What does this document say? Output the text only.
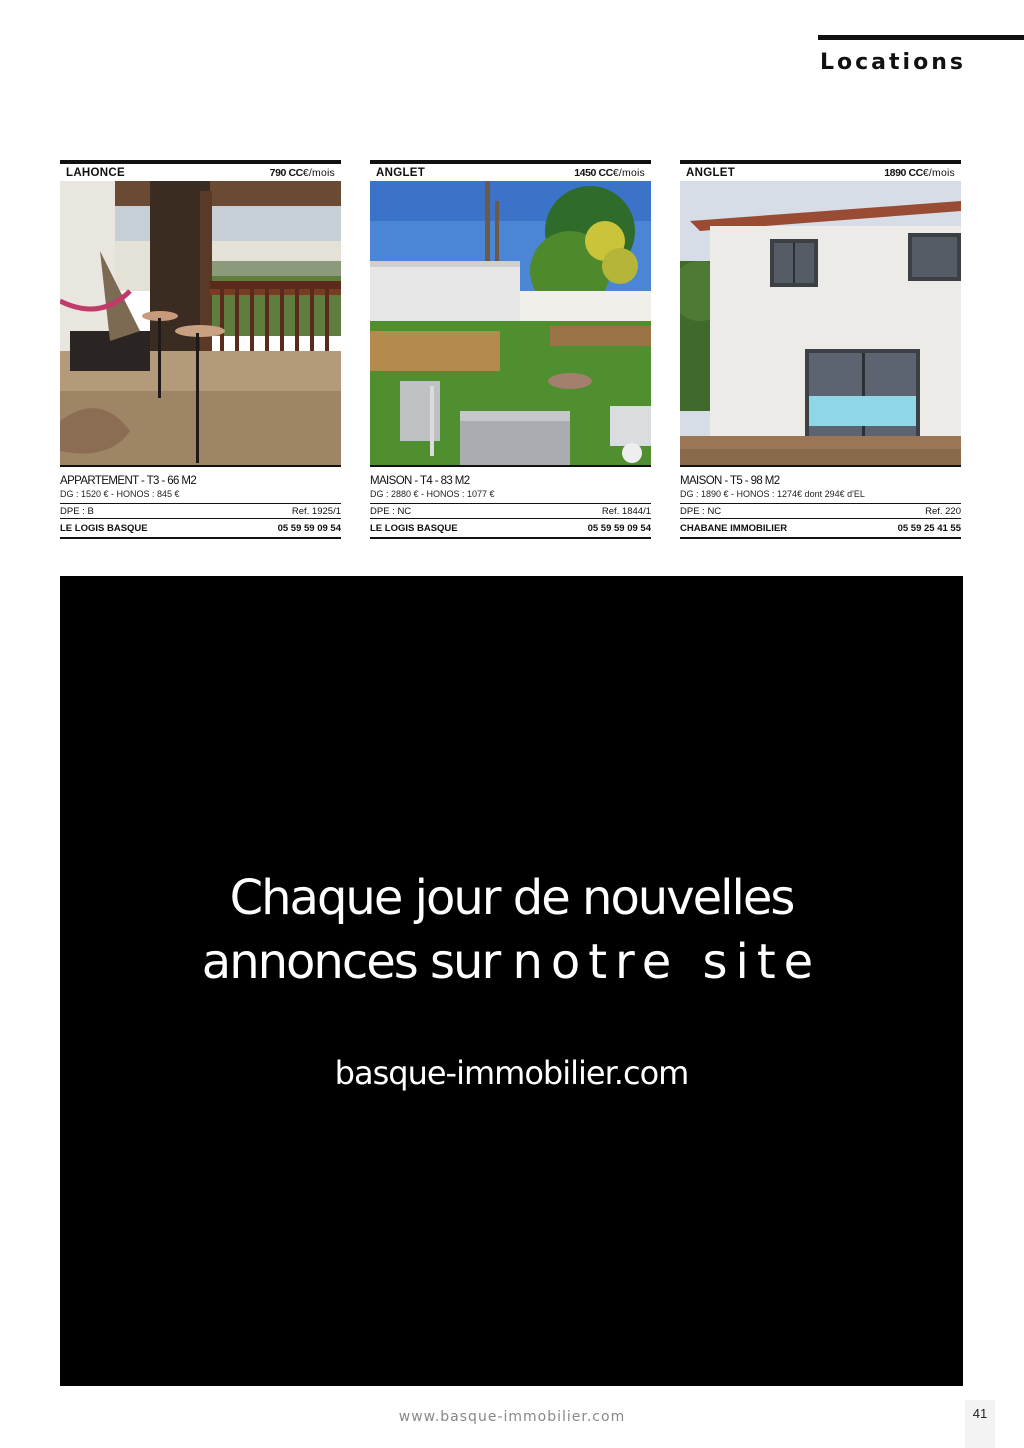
Locations
LAHONCE	790 CC€/mois
APPARTEMENT - T3 - 66 M2
DG : 1520 € - HONOS : 845 €
DPE : B	Ref. 1925/1
LE LOGIS BASQUE	05 59 59 09 54
ANGLET	1450 CC€/mois
MAISON - T4 - 83 M2
DG : 2880 € - HONOS : 1077 €
DPE : NC	Ref. 1844/1
LE LOGIS BASQUE	05 59 59 09 54
ANGLET	1890 CC€/mois
MAISON - T5 - 98 M2
DG : 1890 € - HONOS : 1274€ dont 294€ d'EL
DPE : NC	Ref. 220
CHABANE IMMOBILIER	05 59 25 41 55
Chaque jour de nouvelles
annonces sur notre site
basque-immobilier.com
www.basque-immobilier.com	41
